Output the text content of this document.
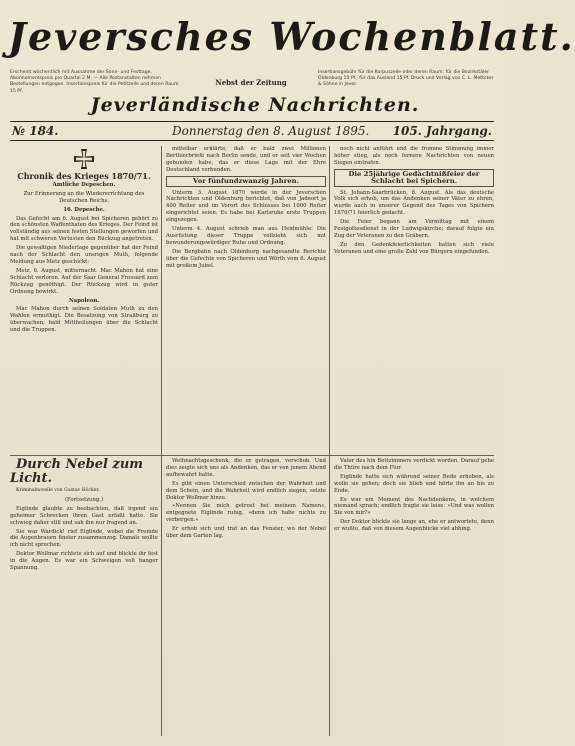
Jeversches Wochenblatt.
Erscheint wöchentlich mit Ausnahme der Sonn- und Festtage. Abonnementspreis pro Quartal 2 M. — Alle Postanstalten nehmen Bestellungen entgegen. Insertionspreis für die Petitzeile und deren Raum 15 Pf.
Nebst der Zeitung
Insertionsgebühr für die Korpuszeile oder deren Raum: für die Bezirkstäler Oldenburg 10 Pf., für das Ausland 15 Pf. Druck und Verlag von C. L. Mettcker & Söhne in Jever.
Jeverländische Nachrichten.
№ 184.	Donnerstag den 8. August 1895. 105. Jahrgang.

Chronik des Krieges 1870/71.

Amtliche Depeschen.

Zur Erinnerung an die Wiedererrichtung des Deutschen Reichs.

16. Depesche.

Das Gefecht am 6. August bei Spicheren gehört zu den schönsten Waffenthaten des Krieges. Der Feind ist vollständig aus seinen festen Stellungen geworfen und hat mit schweren Verlusten den Rückzug angetreten.

Die gewaltigen Niederlage gegenüber hat der Feind nach der Schlacht den unsrigen Muth, folgende Meldung aus Metz geschickt:

Metz, 6. August, mitternacht. Mac Mahon hat eine Schlacht verloren. Auf der Saar General Frossard zum Rückzug genöthigt. Der Rückzug wird in guter Ordnung bewirkt.

Napoleon.

Mac Mahon durch seinen Soldaten Muth zu den Wahlen ermuthigt. Die Besatzung von Straßburg zu überwachen; bald Mittheilungen über die Schlacht und die Truppen.

mittelbar erklärte, daß er bald zwei Millionen Berthierbriefe nach Berlin sende, und er seit vier Wochen gebunden habe, das er diese Lage mit der Ehre Deutschland verbunden.

Vor fünfundzwanzig Jahren.

Unterm 3. August 1870 werde in der Jeverschen Nachrichten und Oldenburg berichtet, daß von Jadeort ja 400 Reiter und im Vorort des Schlosses bei 1000 Reiter eingerichtet seien. Es habe bei Karlsruhe erste Truppen eingezogen.

Unterm 4. August schrieb man aus Heidmühle: Die Ausrüstung dieser Truppe vollzieht sich mit bewunderungswürdiger Ruhe und Ordnung.

Die Bergbahn nach Oldenburg nachgesandte Berichte über die Gefechte von Spicheren und Wörth vom 6. August mit großem Jubel.

noch nicht anführt und die fromme Stimmung immer höher stieg, als noch fernere Nachrichten von neuen Siegen eintrafen.

Die 25jährige Gedächtnißfeier der Schlacht bei Spichern.

St. Johann-Saarbrücken, 8. August. Als das deutsche Volk sich erhob, um das Andenken seiner Väter zu ehren, wurde auch in unserer Gegend des Tages von Spichern 1870/71 feierlich gedacht.

Die Feier begann am Vormittag mit einem Festgottesdienst in der Ludwigskirche; darauf folgte ein Zug der Veteranen zu den Gräbern.

Zu den Gedenkfeierlichkeiten hatten sich viele Veteranen und eine große Zahl von Bürgern eingefunden.

Durch Nebel zum Licht.

Kriminalnovelle von Gustav Höcker.

(Fortsetzung.)

Eiglinde glaubte zu beobachten, daß irgend ein geheimer Schrecken ihren Gast erfaßt hatte. Sie schwieg daher still und sah ihn nur fragend an.

Sie war Wardick! rief Eiglinde, wobei die Fremde die Augenbrauen finster zusammenzog. Damals wollte ich nicht sprechen.

Doktor Wollmar richtete sich auf und blickte ihr fest in die Augen. Es war ein Schweigen voll banger Spannung.

Weihnachtsgeschenk, die er getragen, verschob. Und dies zeigte sich uns als Andenken, das er von jenem Abend aufbewahrt hatte.

Es gibt einen Unterschied zwischen der Wahrheit und dem Schein, und die Wahrheit wird endlich siegen, setzte Doktor Wollmar hinzu.

»Nennen Sie mich getrost bei meinem Namen«, entgegnete Eiglinde ruhig, »denn ich habe nichts zu verbergen.«

Er erhob sich und trat an das Fenster, wo der Nebel über dem Garten lag.

Vater des hin Bettzimmers verdickt worden. Darauf gehe die Thüre nach dem Flur.

Eiglinde hatte sich während seiner Rede erhoben, als wolle sie gehen; doch sie blieb und hörte ihn an bis zu Ende.

Es war ein Moment des Nachdenkens, in welchem niemand sprach; endlich fragte sie leise: »Und was wollen Sie von mir?«

Der Doktor blickte sie lange an, ehe er antwortete, denn er wußte, daß von diesem Augenblicke viel abhing.
